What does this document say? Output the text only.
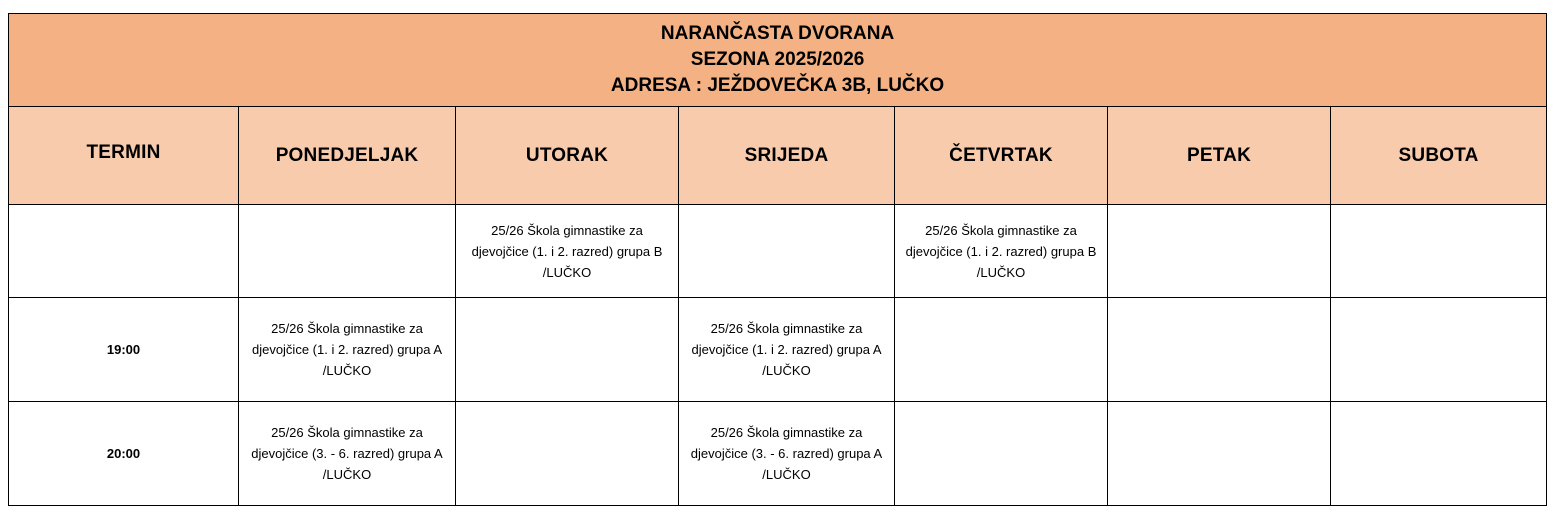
NARANČASTA DVORANA
SEZONA 2025/2026
ADRESA : JEŽDOVEČKA 3B, LUČKO						

TERMIN	PONEDJELJAK	UTORAK	SRIJEDA	ČETVRTAK	PETAK	SUBOTA

		25/26 Škola gimnastike za djevojčice (1. i 2. razred) grupa B /LUČKO		25/26 Škola gimnastike za djevojčice (1. i 2. razred) grupa B /LUČKO		

19:00	25/26 Škola gimnastike za djevojčice (1. i 2. razred) grupa A /LUČKO		25/26 Škola gimnastike za djevojčice (1. i 2. razred) grupa A /LUČKO			

20:00	25/26 Škola gimnastike za djevojčice (3. - 6. razred) grupa A /LUČKO		25/26 Škola gimnastike za djevojčice (3. - 6. razred) grupa A /LUČKO			
